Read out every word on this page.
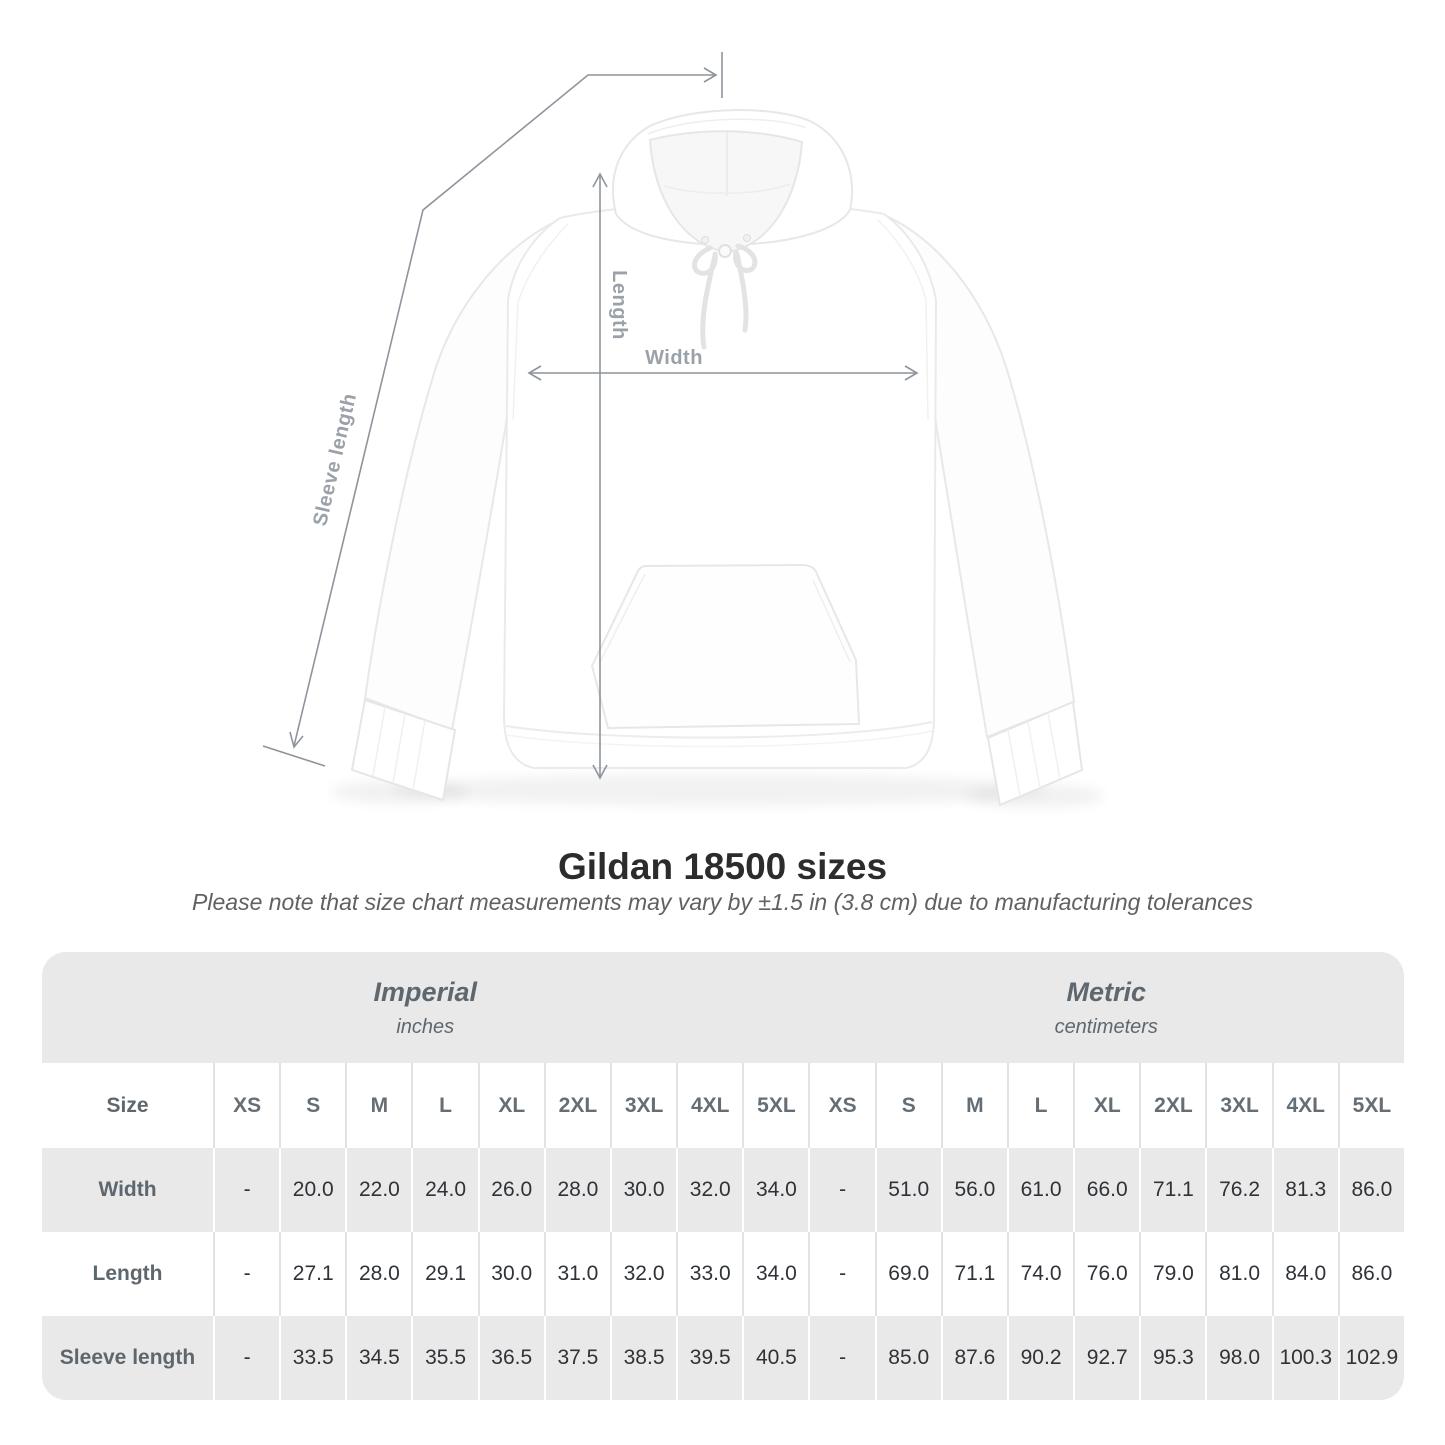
Width
Length
Sleeve length
Gildan 18500 sizes

Please note that size chart measurements may vary by ±1.5 in (3.8 cm) due to manufacturing tolerances

Imperial
inches
Metric
centimeters
Size	XS	S	M	L	XL	2XL	3XL	4XL	5XL	XS	S	M	L	XL	2XL	3XL	4XL	5XL
Width	-	20.0	22.0	24.0	26.0	28.0	30.0	32.0	34.0	-	51.0	56.0	61.0	66.0	71.1	76.2	81.3	86.0
Length	-	27.1	28.0	29.1	30.0	31.0	32.0	33.0	34.0	-	69.0	71.1	74.0	76.0	79.0	81.0	84.0	86.0
Sleeve length	-	33.5	34.5	35.5	36.5	37.5	38.5	39.5	40.5	-	85.0	87.6	90.2	92.7	95.3	98.0 100.3 102.9
